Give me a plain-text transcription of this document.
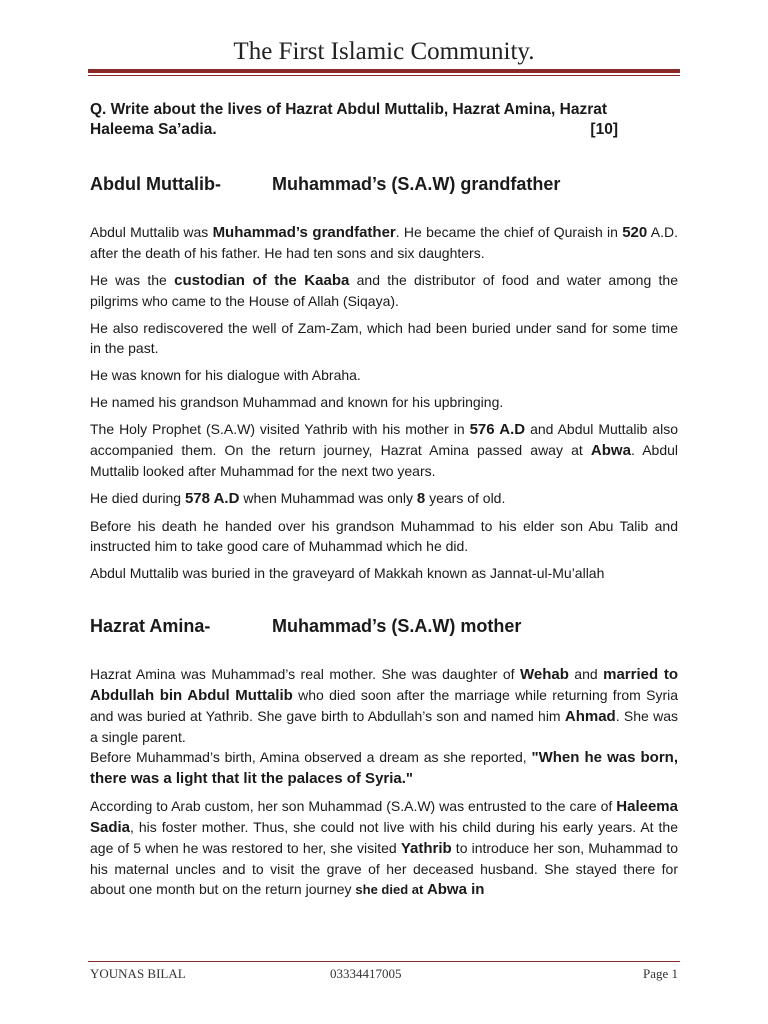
The First Islamic Community.

Q. Write about the lives of Hazrat Abdul Muttalib, Hazrat Amina, Hazrat
Haleema Sa’adia.	[10]

Abdul Muttalib-	Muhammad’s (S.A.W) grandfather

Abdul Muttalib was Muhammad’s grandfather. He became the chief of Quraish in 520 A.D. after the death of his father. He had ten sons and six daughters.

He was the custodian of the Kaaba and the distributor of food and water among the pilgrims who came to the House of Allah (Siqaya).

He also rediscovered the well of Zam-Zam, which had been buried under sand for some time in the past.

He was known for his dialogue with Abraha.

He named his grandson Muhammad and known for his upbringing.

The Holy Prophet (S.A.W) visited Yathrib with his mother in 576 A.D and Abdul Muttalib also accompanied them. On the return journey, Hazrat Amina passed away at Abwa. Abdul Muttalib looked after Muhammad for the next two years.

He died during 578 A.D when Muhammad was only 8 years of old.

Before his death he handed over his grandson Muhammad to his elder son Abu Talib and instructed him to take good care of Muhammad which he did.

Abdul Muttalib was buried in the graveyard of Makkah known as Jannat-ul-Mu’allah

Hazrat Amina-	Muhammad’s (S.A.W) mother

Hazrat Amina was Muhammad’s real mother. She was daughter of Wehab and married to Abdullah bin Abdul Muttalib who died soon after the marriage while returning from Syria and was buried at Yathrib. She gave birth to Abdullah’s son and named him Ahmad. She was a single parent.

Before Muhammad’s birth, Amina observed a dream as she reported, "When he was born, there was a light that lit the palaces of Syria."

According to Arab custom, her son Muhammad (S.A.W) was entrusted to the care of Haleema Sadia, his foster mother. Thus, she could not live with his child during his early years. At the age of 5 when he was restored to her, she visited Yathrib to introduce her son, Muhammad to his maternal uncles and to visit the grave of her deceased husband. She stayed there for about one month but on the return journey she died at Abwa in

YOUNAS BILAL	03334417005	Page 1
